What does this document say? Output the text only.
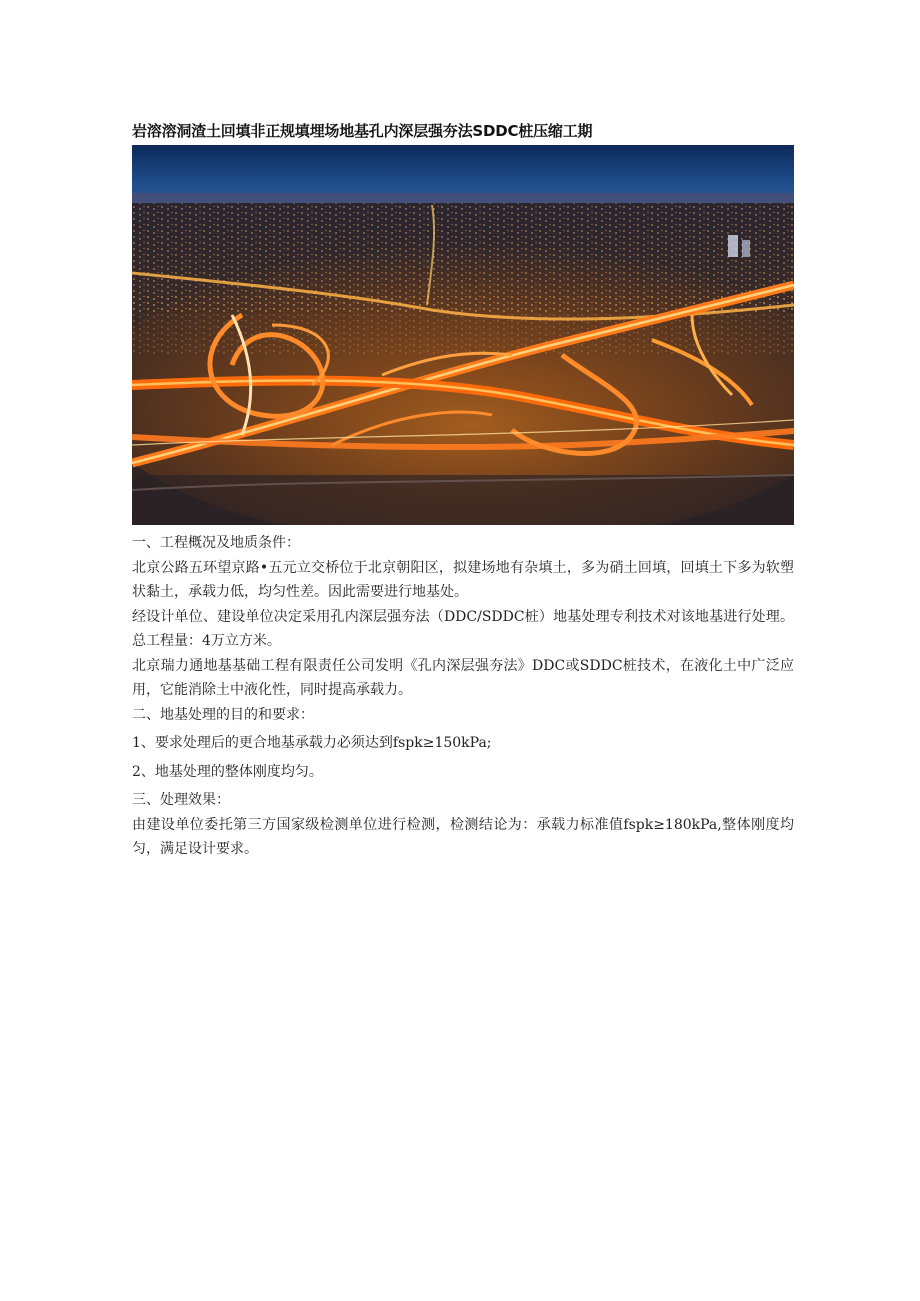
岩溶溶洞渣土回填非正规填埋场地基孔内深层强夯法SDDC桩压缩工期

一、工程概况及地质条件：

北京公路五环望京路•五元立交桥位于北京朝阳区，拟建场地有杂填土，多为硝土回填，回填土下多为软塑状黏土，承载力低，均匀性差。因此需要进行地基处。

经设计单位、建设单位决定采用孔内深层强夯法（DDC/SDDC桩）地基处理专利技术对该地基进行处理。总工程量：4万立方米。

北京瑞力通地基基础工程有限责任公司发明《孔内深层强夯法》DDC或SDDC桩技术，在液化土中广泛应用，它能消除土中液化性，同时提高承载力。

二、地基处理的目的和要求：

1、要求处理后的更合地基承载力必须达到fspk≥150kPa;

2、地基处理的整体刚度均匀。

三、处理效果：

由建设单位委托第三方国家级检测单位进行检测，检测结论为：承载力标准值fspk≥180kPa,整体刚度均匀，满足设计要求。
